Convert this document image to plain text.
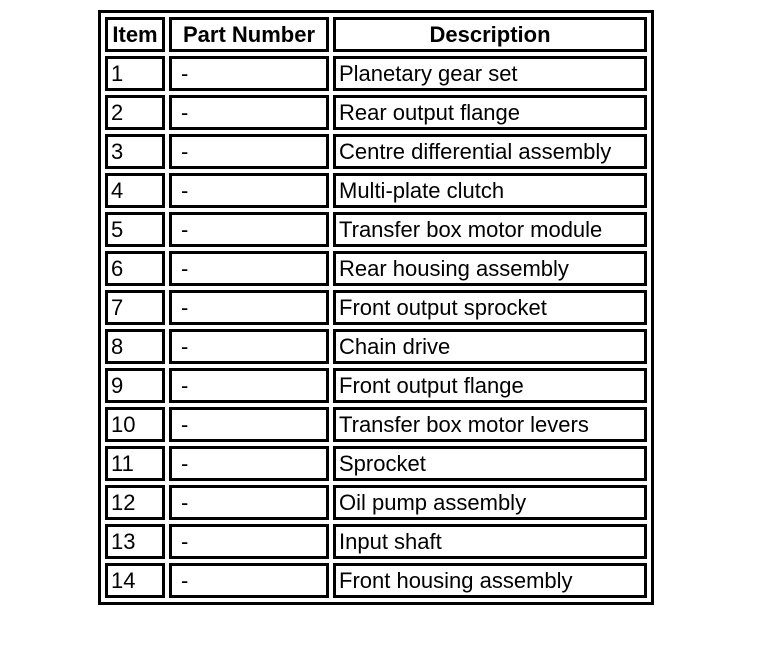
Item	Part Number	Description
1	-	Planetary gear set
2	-	Rear output flange
3	-	Centre differential assembly
4	-	Multi-plate clutch
5	-	Transfer box motor module
6	-	Rear housing assembly
7	-	Front output sprocket
8	-	Chain drive
9	-	Front output flange
10	-	Transfer box motor levers
11	-	Sprocket
12	-	Oil pump assembly
13	-	Input shaft
14	-	Front housing assembly
